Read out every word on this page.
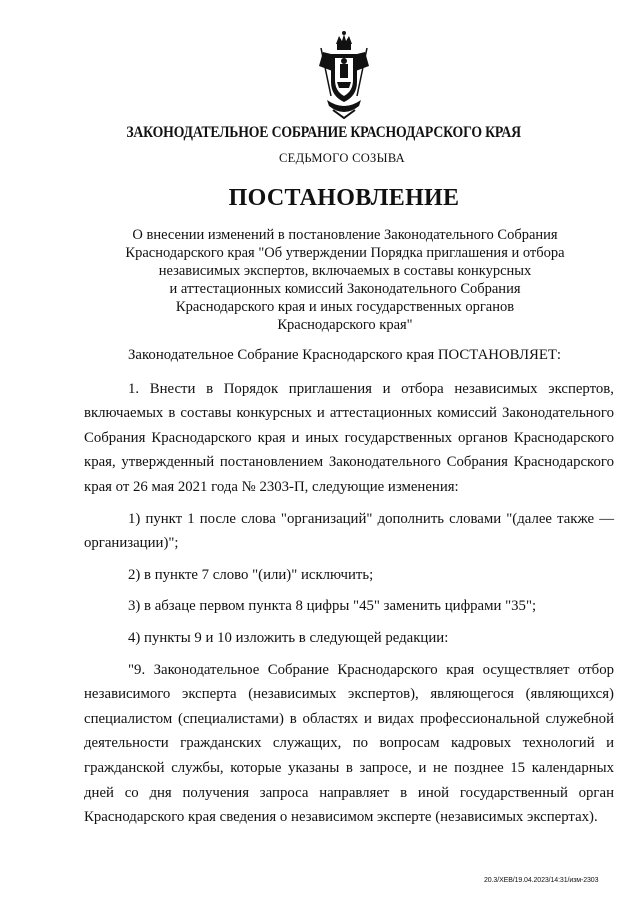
ЗАКОНОДАТЕЛЬНОЕ СОБРАНИЕ КРАСНОДАРСКОГО КРАЯ
СЕДЬМОГО СОЗЫВА
ПОСТАНОВЛЕНИЕ
О внесении изменений в постановление Законодательного Собрания
Краснодарского края "Об утверждении Порядка приглашения и отбора
независимых экспертов, включаемых в составы конкурсных
и аттестационных комиссий Законодательного Собрания
Краснодарского края и иных государственных органов
Краснодарского края"

Законодательное Собрание Краснодарского края ПОСТАНОВЛЯЕТ:

1. Внести в Порядок приглашения и отбора независимых экспертов, включаемых в составы конкурсных и аттестационных комиссий Законодательного Собрания Краснодарского края и иных государственных органов Краснодарского края, утвержденный постановлением Законодательного Собрания Краснодарского края от 26 мая 2021 года № 2303-П, следующие изменения:

1) пункт 1 после слова "организаций" дополнить словами "(далее также — организации)";

2) в пункте 7 слово "(или)" исключить;

3) в абзаце первом пункта 8 цифры "45" заменить цифрами "35";

4) пункты 9 и 10 изложить в следующей редакции:

"9. Законодательное Собрание Краснодарского края осуществляет отбор независимого эксперта (независимых экспертов), являющегося (являющихся) специалистом (специалистами) в областях и видах профессиональной служебной деятельности гражданских служащих, по вопросам кадровых технологий и гражданской службы, которые указаны в запросе, и не позднее 15 календарных дней со дня получения запроса направляет в иной государственный орган Краснодарского края сведения о независимом эксперте (независимых экспертах).

20.3/ХЕВ/19.04.2023/14:31/изм-2303
